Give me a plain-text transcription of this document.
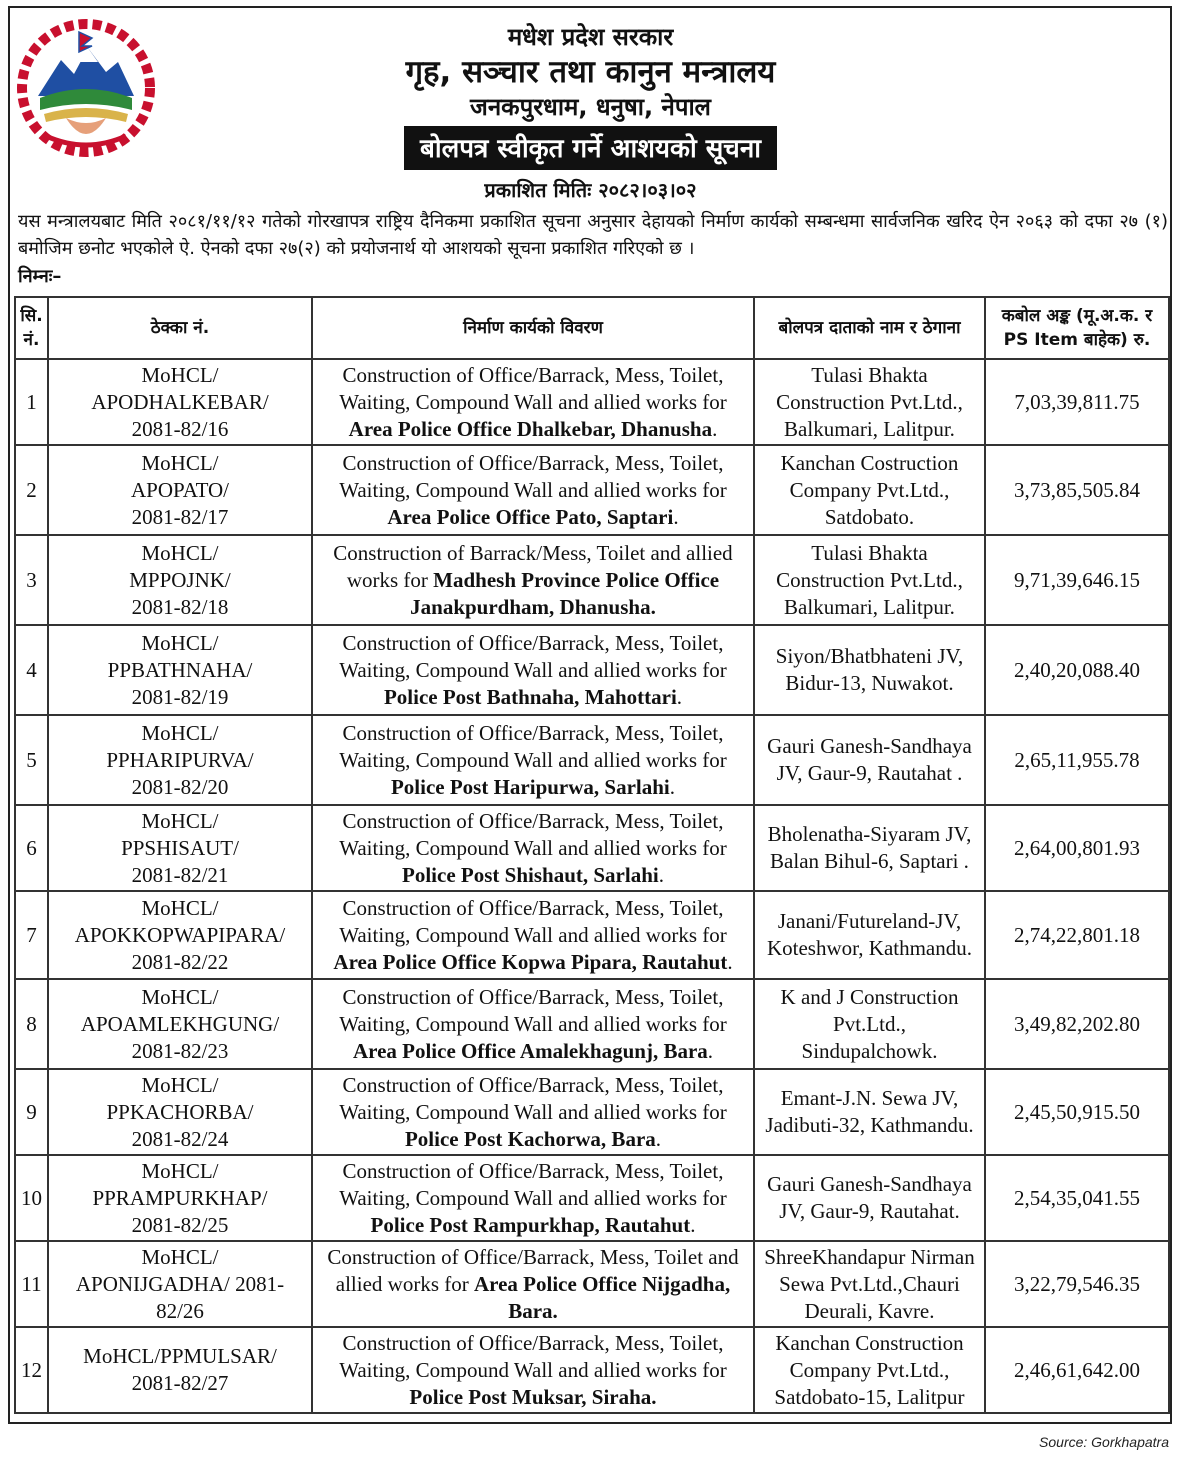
मधेश प्रदेश सरकार
गृह, सञ्चार तथा कानुन मन्त्रालय
जनकपुरधाम, धनुषा, नेपाल
बोलपत्र स्वीकृत गर्ने आशयको सूचना
प्रकाशित मितिः २०८२।०३।०२
यस मन्त्रालयबाट मिति २०८१/११/१२ गतेको गोरखापत्र राष्ट्रिय दैनिकमा प्रकाशित सूचना अनुसार देहायको निर्माण कार्यको सम्बन्धमा सार्वजनिक खरिद ऐन २०६३ को दफा २७ (१) बमोजिम छनोट भएकोले ऐ. ऐनको दफा २७(२) को प्रयोजनार्थ यो आशयको सूचना प्रकाशित गरिएको छ ।
निम्नः–
सि. नं.	ठेक्का नं.	निर्माण कार्यको विवरण	बोलपत्र दाताको नाम र ठेगाना	कबोल अङ्क (मू.अ.क. र PS Item बाहेक) रु.
1	MoHCL/
APODHALKEBAR/
2081-82/16	Construction of Office/Barrack, Mess, Toilet, Waiting, Compound Wall and allied works for Area Police Office Dhalkebar, Dhanusha.	Tulasi Bhakta
Construction Pvt.Ltd.,
Balkumari, Lalitpur.	7,03,39,811.75
2	MoHCL/
APOPATO/
2081-82/17	Construction of Office/Barrack, Mess, Toilet, Waiting, Compound Wall and allied works for Area Police Office Pato, Saptari.	Kanchan Costruction
Company Pvt.Ltd.,
Satdobato.	3,73,85,505.84
3	MoHCL/
MPPOJNK/
2081-82/18	Construction of Barrack/Mess, Toilet and allied works for Madhesh Province Police Office Janakpurdham, Dhanusha.	Tulasi Bhakta
Construction Pvt.Ltd.,
Balkumari, Lalitpur.	9,71,39,646.15
4	MoHCL/
PPBATHNAHA/
2081-82/19	Construction of Office/Barrack, Mess, Toilet, Waiting, Compound Wall and allied works for Police Post Bathnaha, Mahottari.	Siyon/Bhatbhateni JV,
Bidur-13, Nuwakot.	2,40,20,088.40
5	MoHCL/
PPHARIPURVA/
2081-82/20	Construction of Office/Barrack, Mess, Toilet, Waiting, Compound Wall and allied works for Police Post Haripurwa, Sarlahi.	Gauri Ganesh-Sandhaya
JV, Gaur-9, Rautahat .	2,65,11,955.78
6	MoHCL/
PPSHISAUT/
2081-82/21	Construction of Office/Barrack, Mess, Toilet, Waiting, Compound Wall and allied works for Police Post Shishaut, Sarlahi.	Bholenatha-Siyaram JV,
Balan Bihul-6, Saptari .	2,64,00,801.93
7	MoHCL/
APOKKOPWAPIPARA/
2081-82/22	Construction of Office/Barrack, Mess, Toilet, Waiting, Compound Wall and allied works for Area Police Office Kopwa Pipara, Rautahut.	Janani/Futureland-JV,
Koteshwor, Kathmandu.	2,74,22,801.18
8	MoHCL/
APOAMLEKHGUNG/
2081-82/23	Construction of Office/Barrack, Mess, Toilet, Waiting, Compound Wall and allied works for Area Police Office Amalekhagunj, Bara.	K and J Construction
Pvt.Ltd.,
Sindupalchowk.	3,49,82,202.80
9	MoHCL/
PPKACHORBA/
2081-82/24	Construction of Office/Barrack, Mess, Toilet, Waiting, Compound Wall and allied works for Police Post Kachorwa, Bara.	Emant-J.N. Sewa JV,
Jadibuti-32, Kathmandu.	2,45,50,915.50
10	MoHCL/
PPRAMPURKHAP/
2081-82/25	Construction of Office/Barrack, Mess, Toilet, Waiting, Compound Wall and allied works for Police Post Rampurkhap, Rautahut.	Gauri Ganesh-Sandhaya
JV, Gaur-9, Rautahat.	2,54,35,041.55
11	MoHCL/
APONIJGADHA/ 2081-
82/26	Construction of Office/Barrack, Mess, Toilet and allied works for Area Police Office Nijgadha, Bara.	ShreeKhandapur Nirman
Sewa Pvt.Ltd.,Chauri
Deurali, Kavre.	3,22,79,546.35
12	MoHCL/PPMULSAR/
2081-82/27	Construction of Office/Barrack, Mess, Toilet, Waiting, Compound Wall and allied works for Police Post Muksar, Siraha.	Kanchan Construction
Company Pvt.Ltd.,
Satdobato-15, Lalitpur	2,46,61,642.00
Source: Gorkhapatra
